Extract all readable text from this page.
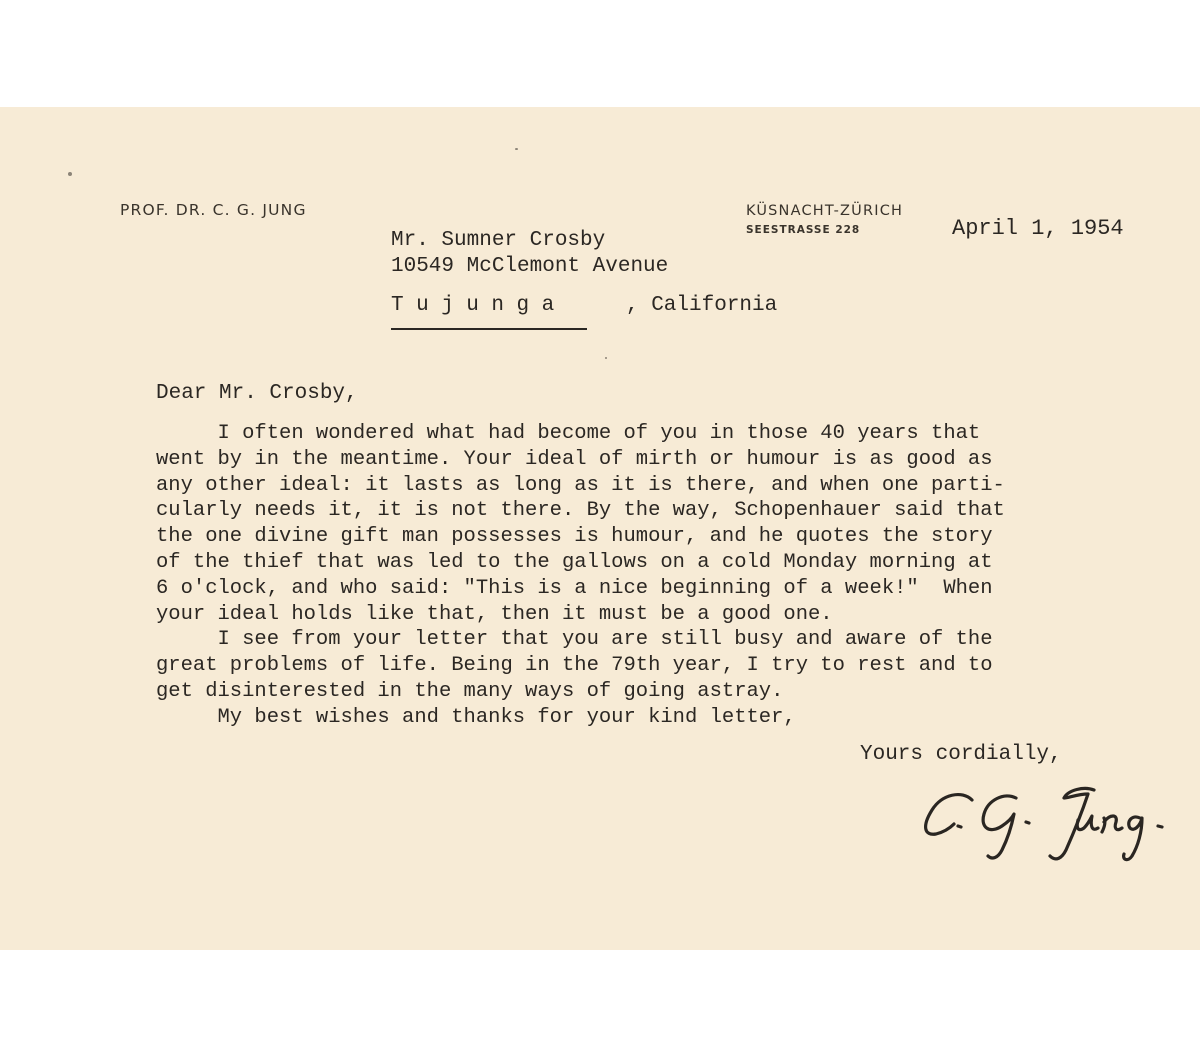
PROF. DR. C. G. JUNG	KÜSNACHT-ZÜRICH
SEESTRASSE 228	April 1, 1954
Mr. Sumner Crosby
10549 McClemont Avenue
Tujunga	, California
Dear Mr. Crosby,
I often wondered what had become of you in those 40 years that
went by in the meantime. Your ideal of mirth or humour is as good as
any other ideal: it lasts as long as it is there, and when one parti-
cularly needs it, it is not there. By the way, Schopenhauer said that
the one divine gift man possesses is humour, and he quotes the story
of the thief that was led to the gallows on a cold Monday morning at
6 o'clock, and who said: "This is a nice beginning of a week!"  When
your ideal holds like that, then it must be a good one.
I see from your letter that you are still busy and aware of the
great problems of life. Being in the 79th year, I try to rest and to
get disinterested in the many ways of going astray.
My best wishes and thanks for your kind letter,
Yours cordially,
